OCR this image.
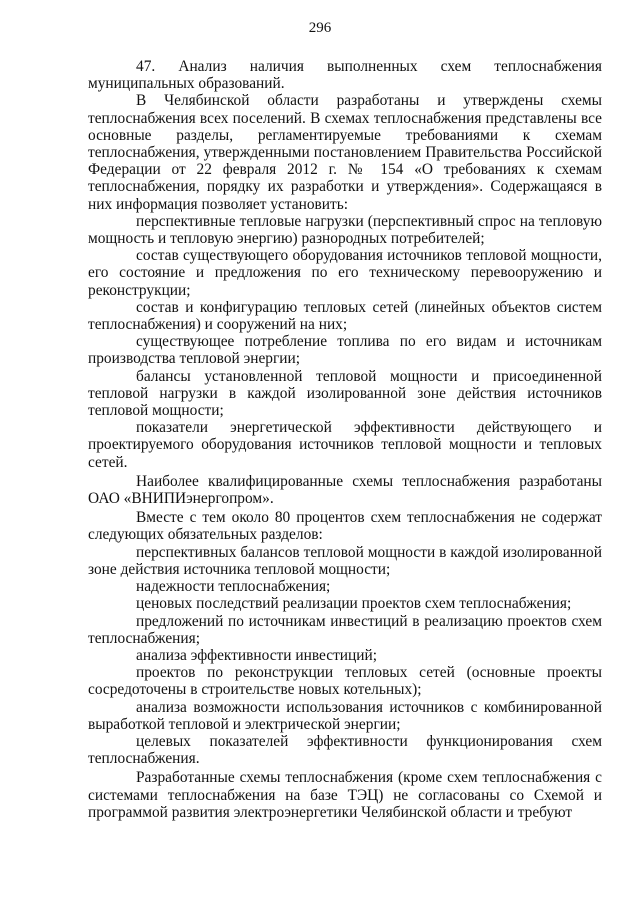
296

47. Анализ наличия выполненных схем теплоснабжения муниципальных образований.

В Челябинской области разработаны и утверждены схемы теплоснабжения всех поселений. В схемах теплоснабжения представлены все основные разделы, регламентируемые требованиями к схемам теплоснабжения, утвержденными постановлением Правительства Российской Федерации от 22 февраля 2012 г. № 154 «О требованиях к схемам теплоснабжения, порядку их разработки и утверждения». Содержащаяся в них информация позволяет установить:

перспективные тепловые нагрузки (перспективный спрос на тепловую мощность и тепловую энергию) разнородных потребителей;

состав существующего оборудования источников тепловой мощности, его состояние и предложения по его техническому перевооружению и реконструкции;

состав и конфигурацию тепловых сетей (линейных объектов систем теплоснабжения) и сооружений на них;

существующее потребление топлива по его видам и источникам производства тепловой энергии;

балансы установленной тепловой мощности и присоединенной тепловой нагрузки в каждой изолированной зоне действия источников тепловой мощности;

показатели энергетической эффективности действующего и проектируемого оборудования источников тепловой мощности и тепловых сетей.

Наиболее квалифицированные схемы теплоснабжения разработаны ОАО «ВНИПИэнергопром».

Вместе с тем около 80 процентов схем теплоснабжения не содержат следующих обязательных разделов:

перспективных балансов тепловой мощности в каждой изолированной зоне действия источника тепловой мощности;

надежности теплоснабжения;

ценовых последствий реализации проектов схем теплоснабжения;

предложений по источникам инвестиций в реализацию проектов схем теплоснабжения;

анализа эффективности инвестиций;

проектов по реконструкции тепловых сетей (основные проекты сосредоточены в строительстве новых котельных);

анализа возможности использования источников с комбинированной выработкой тепловой и электрической энергии;

целевых показателей эффективности функционирования схем теплоснабжения.

Разработанные схемы теплоснабжения (кроме схем теплоснабжения с системами теплоснабжения на базе ТЭЦ) не согласованы со Схемой и программой развития электроэнергетики Челябинской области и требуют
